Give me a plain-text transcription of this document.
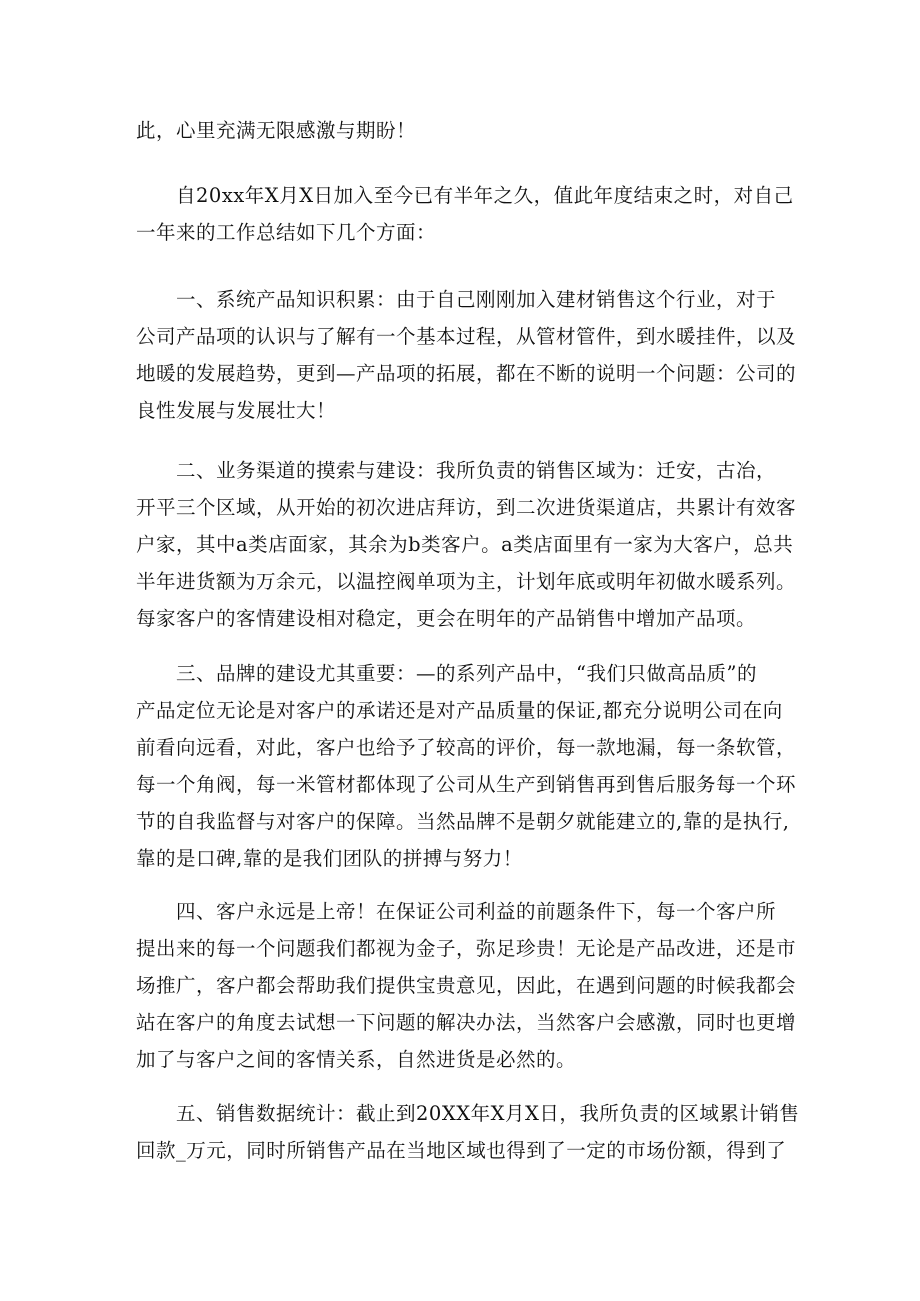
此，心里充满无限感激与期盼！

自20xx年X月X日加入至今已有半年之久，值此年度结束之时，对自己
一年来的工作总结如下几个方面：

一、系统产品知识积累：由于自己刚刚加入建材销售这个行业，对于
公司产品项的认识与了解有一个基本过程，从管材管件，到水暖挂件，以及
地暖的发展趋势，更到—产品项的拓展，都在不断的说明一个问题：公司的
良性发展与发展壮大！

二、业务渠道的摸索与建设：我所负责的销售区域为：迁安，古冶，
开平三个区域，从开始的初次进店拜访，到二次进货渠道店，共累计有效客
户家，其中a类店面家，其余为b类客户。a类店面里有一家为大客户，总共
半年进货额为万余元，以温控阀单项为主，计划年底或明年初做水暖系列。
每家客户的客情建设相对稳定，更会在明年的产品销售中增加产品项。

三、品牌的建设尤其重要：—的系列产品中，“我们只做高品质”的
产品定位无论是对客户的承诺还是对产品质量的保证,都充分说明公司在向
前看向远看，对此，客户也给予了较高的评价，每一款地漏，每一条软管，
每一个角阀，每一米管材都体现了公司从生产到销售再到售后服务每一个环
节的自我监督与对客户的保障。当然品牌不是朝夕就能建立的,靠的是执行,
靠的是口碑,靠的是我们团队的拼搏与努力！

四、客户永远是上帝！在保证公司利益的前题条件下，每一个客户所
提出来的每一个问题我们都视为金子，弥足珍贵！无论是产品改进，还是市
场推广，客户都会帮助我们提供宝贵意见，因此，在遇到问题的时候我都会
站在客户的角度去试想一下问题的解决办法，当然客户会感激，同时也更增
加了与客户之间的客情关系，自然进货是必然的。

五、销售数据统计：截止到20XX年X月X日，我所负责的区域累计销售
回款_万元，同时所销售产品在当地区域也得到了一定的市场份额，得到了
